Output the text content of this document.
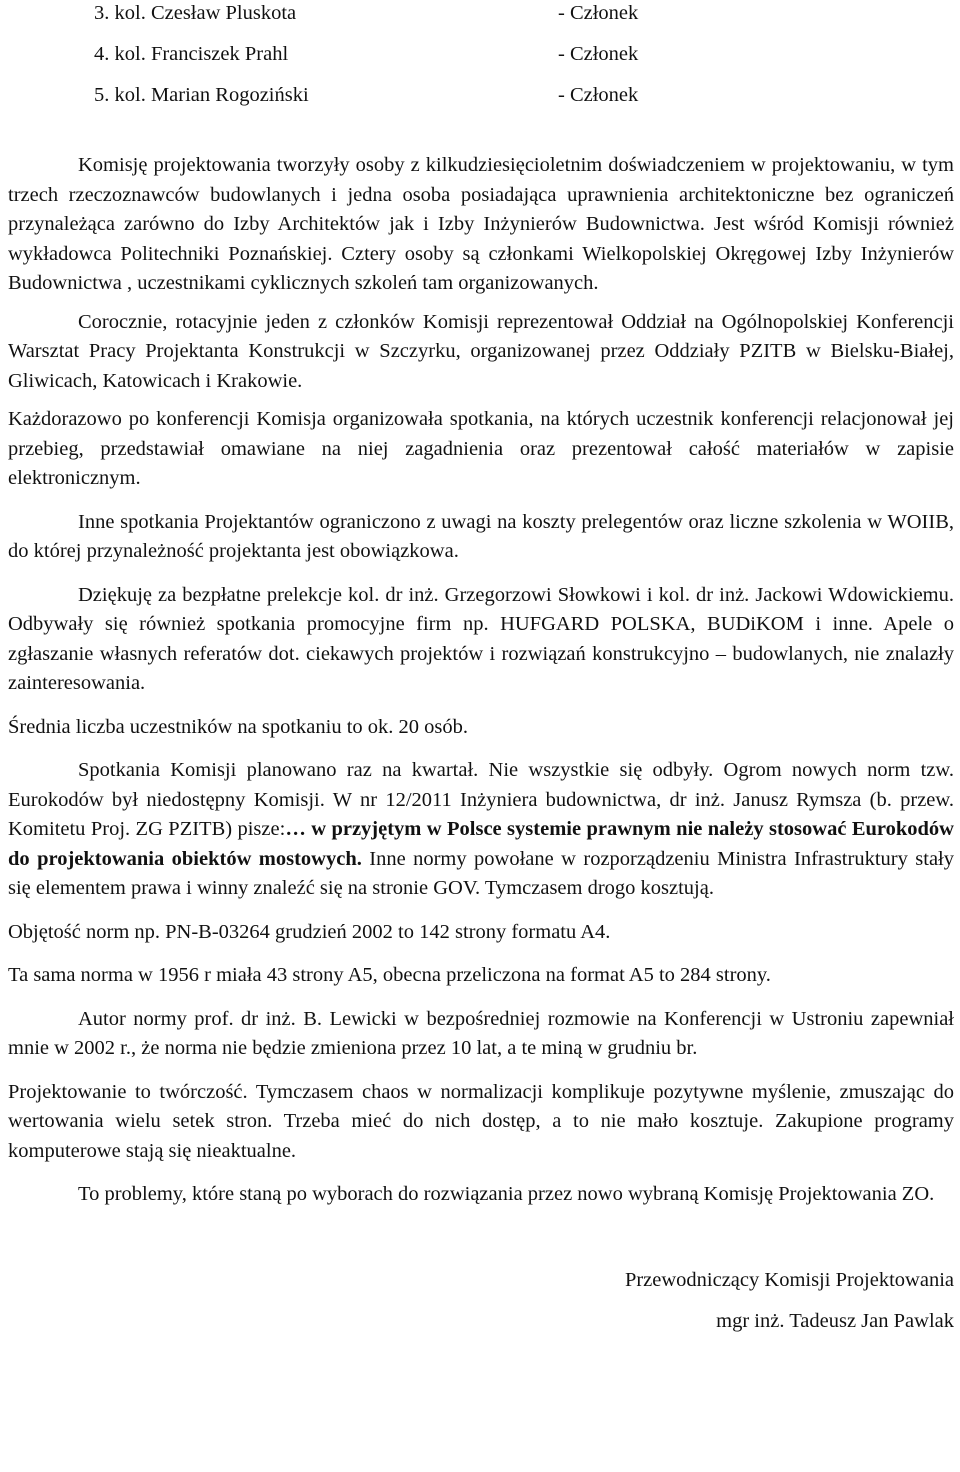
3. kol. Czesław Pluskota	- Członek
4. kol. Franciszek Prahl	- Członek
5. kol. Marian Rogoziński	- Członek

Komisję projektowania tworzyły osoby z kilkudziesięcioletnim doświadczeniem w projektowaniu, w tym trzech rzeczoznawców budowlanych i jedna osoba posiadająca uprawnienia architektoniczne bez ograniczeń przynależąca zarówno do Izby Architektów jak i Izby Inżynierów Budownictwa. Jest wśród Komisji również wykładowca Politechniki Poznańskiej. Cztery osoby są członkami Wielkopolskiej Okręgowej Izby Inżynierów Budownictwa , uczestnikami cyklicznych szkoleń tam organizowanych.

Corocznie, rotacyjnie jeden z członków Komisji reprezentował Oddział na Ogólnopolskiej Konferencji Warsztat Pracy Projektanta Konstrukcji w Szczyrku, organizowanej przez Oddziały PZITB w Bielsku-Białej, Gliwicach, Katowicach i Krakowie.

Każdorazowo po konferencji Komisja organizowała spotkania, na których uczestnik konferencji relacjonował jej przebieg, przedstawiał omawiane na niej zagadnienia oraz prezentował całość materiałów w zapisie elektronicznym.

Inne spotkania Projektantów ograniczono z uwagi na koszty prelegentów oraz liczne szkolenia w WOIIB, do której przynależność projektanta jest obowiązkowa.

Dziękuję za bezpłatne prelekcje kol. dr inż. Grzegorzowi Słowkowi i kol. dr inż. Jackowi Wdowickiemu. Odbywały się również spotkania promocyjne firm np. HUFGARD POLSKA, BUDiKOM i inne. Apele o zgłaszanie własnych referatów dot. ciekawych projektów i rozwiązań konstrukcyjno – budowlanych, nie znalazły zainteresowania.

Średnia liczba uczestników na spotkaniu to ok. 20 osób.

Spotkania Komisji planowano raz na kwartał. Nie wszystkie się odbyły. Ogrom nowych norm tzw. Eurokodów był niedostępny Komisji. W nr 12/2011 Inżyniera budownictwa, dr inż. Janusz Rymsza (b. przew. Komitetu Proj. ZG PZITB) pisze:… w przyjętym w Polsce systemie prawnym nie należy stosować Eurokodów do projektowania obiektów mostowych. Inne normy powołane w rozporządzeniu Ministra Infrastruktury stały się elementem prawa i winny znaleźć się na stronie GOV. Tymczasem drogo kosztują.

Objętość norm np. PN-B-03264 grudzień 2002 to 142 strony formatu A4.

Ta sama norma w 1956 r miała 43 strony A5, obecna przeliczona na format A5 to 284 strony.

Autor normy prof. dr inż. B. Lewicki w bezpośredniej rozmowie na Konferencji w Ustroniu zapewniał mnie w 2002 r., że norma nie będzie zmieniona przez 10 lat, a te miną w grudniu br.

Projektowanie to twórczość. Tymczasem chaos w normalizacji komplikuje pozytywne myślenie, zmuszając do wertowania wielu setek stron. Trzeba mieć do nich dostęp, a to nie mało kosztuje. Zakupione programy komputerowe stają się nieaktualne.

To problemy, które staną po wyborach do rozwiązania przez nowo wybraną Komisję Projektowania ZO.

Przewodniczący Komisji Projektowania
mgr inż. Tadeusz Jan Pawlak
